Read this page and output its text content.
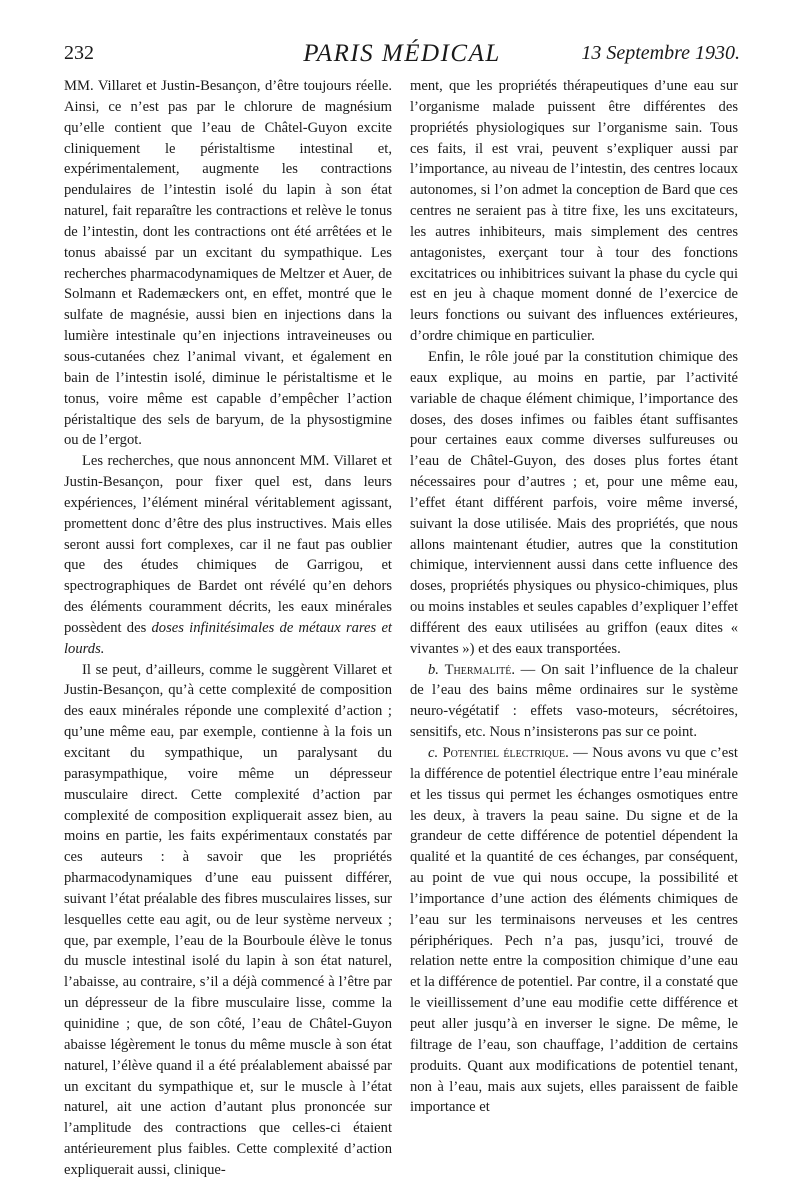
232	PARIS MÉDICAL	13 Septembre 1930.

MM. Villaret et Justin-Besançon, d’être toujours réelle. Ainsi, ce n’est pas par le chlorure de magnésium qu’elle contient que l’eau de Châtel-Guyon excite cliniquement le péristaltisme intestinal et, expérimentalement, augmente les contractions pendulaires de l’intestin isolé du lapin à son état naturel, fait reparaître les contractions et relève le tonus de l’intestin, dont les contractions ont été arrêtées et le tonus abaissé par un excitant du sympathique. Les recherches pharmacodynamiques de Meltzer et Auer, de Solmann et Rademæckers ont, en effet, montré que le sulfate de magnésie, aussi bien en injections dans la lumière intestinale qu’en injections intraveineuses ou sous-cutanées chez l’animal vivant, et également en bain de l’intestin isolé, diminue le péristaltisme et le tonus, voire même est capable d’empêcher l’action péristaltique des sels de baryum, de la physostigmine ou de l’ergot.

Les recherches, que nous annoncent MM. Villaret et Justin-Besançon, pour fixer quel est, dans leurs expériences, l’élément minéral véritablement agissant, promettent donc d’être des plus instructives. Mais elles seront aussi fort complexes, car il ne faut pas oublier que des études chimiques de Garrigou, et spectrographiques de Bardet ont révélé qu’en dehors des éléments couramment décrits, les eaux minérales possèdent des doses infinitésimales de métaux rares et lourds.

Il se peut, d’ailleurs, comme le suggèrent Villaret et Justin-Besançon, qu’à cette complexité de composition des eaux minérales réponde une complexité d’action ; qu’une même eau, par exemple, contienne à la fois un excitant du sympathique, un paralysant du parasympathique, voire même un dépresseur musculaire direct. Cette complexité d’action par complexité de composition expliquerait assez bien, au moins en partie, les faits expérimentaux constatés par ces auteurs : à savoir que les propriétés pharmacodynamiques d’une eau puissent différer, suivant l’état préalable des fibres musculaires lisses, sur lesquelles cette eau agit, ou de leur système nerveux ; que, par exemple, l’eau de la Bourboule élève le tonus du muscle intestinal isolé du lapin à son état naturel, l’abaisse, au contraire, s’il a déjà commencé à l’être par un dépresseur de la fibre musculaire lisse, comme la quinidine ; que, de son côté, l’eau de Châtel-Guyon abaisse légèrement le tonus du même muscle à son état naturel, l’élève quand il a été préalablement abaissé par un excitant du sympathique et, sur le muscle à l’état naturel, ait une action d’autant plus prononcée sur l’amplitude des contractions que celles-ci étaient antérieurement plus faibles. Cette complexité d’action expliquerait aussi, clinique-

ment, que les propriétés thérapeutiques d’une eau sur l’organisme malade puissent être différentes des propriétés physiologiques sur l’organisme sain. Tous ces faits, il est vrai, peuvent s’expliquer aussi par l’importance, au niveau de l’intestin, des centres locaux autonomes, si l’on admet la conception de Bard que ces centres ne seraient pas à titre fixe, les uns excitateurs, les autres inhibiteurs, mais simplement des centres antagonistes, exerçant tour à tour des fonctions excitatrices ou inhibitrices suivant la phase du cycle qui est en jeu à chaque moment donné de l’exercice de leurs fonctions ou suivant des influences extérieures, d’ordre chimique en particulier.

Enfin, le rôle joué par la constitution chimique des eaux explique, au moins en partie, par l’activité variable de chaque élément chimique, l’importance des doses, des doses infimes ou faibles étant suffisantes pour certaines eaux comme diverses sulfureuses ou l’eau de Châtel-Guyon, des doses plus fortes étant nécessaires pour d’autres ; et, pour une même eau, l’effet étant différent parfois, voire même inversé, suivant la dose utilisée. Mais des propriétés, que nous allons maintenant étudier, autres que la constitution chimique, interviennent aussi dans cette influence des doses, propriétés physiques ou physico-chimiques, plus ou moins instables et seules capables d’expliquer l’effet différent des eaux utilisées au griffon (eaux dites « vivantes ») et des eaux transportées.

b. Thermalité. — On sait l’influence de la chaleur de l’eau des bains même ordinaires sur le système neuro-végétatif : effets vaso-moteurs, sécrétoires, sensitifs, etc. Nous n’insisterons pas sur ce point.

c. Potentiel électrique. — Nous avons vu que c’est la différence de potentiel électrique entre l’eau minérale et les tissus qui permet les échanges osmotiques entre les deux, à travers la peau saine. Du signe et de la grandeur de cette différence de potentiel dépendent la qualité et la quantité de ces échanges, par conséquent, au point de vue qui nous occupe, la possibilité et l’importance d’une action des éléments chimiques de l’eau sur les terminaisons nerveuses et les centres périphériques. Pech n’a pas, jusqu’ici, trouvé de relation nette entre la composition chimique d’une eau et la différence de potentiel. Par contre, il a constaté que le vieillissement d’une eau modifie cette différence et peut aller jusqu’à en inverser le signe. De même, le filtrage de l’eau, son chauffage, l’addition de certains produits. Quant aux modifications de potentiel tenant, non à l’eau, mais aux sujets, elles paraissent de faible importance et
